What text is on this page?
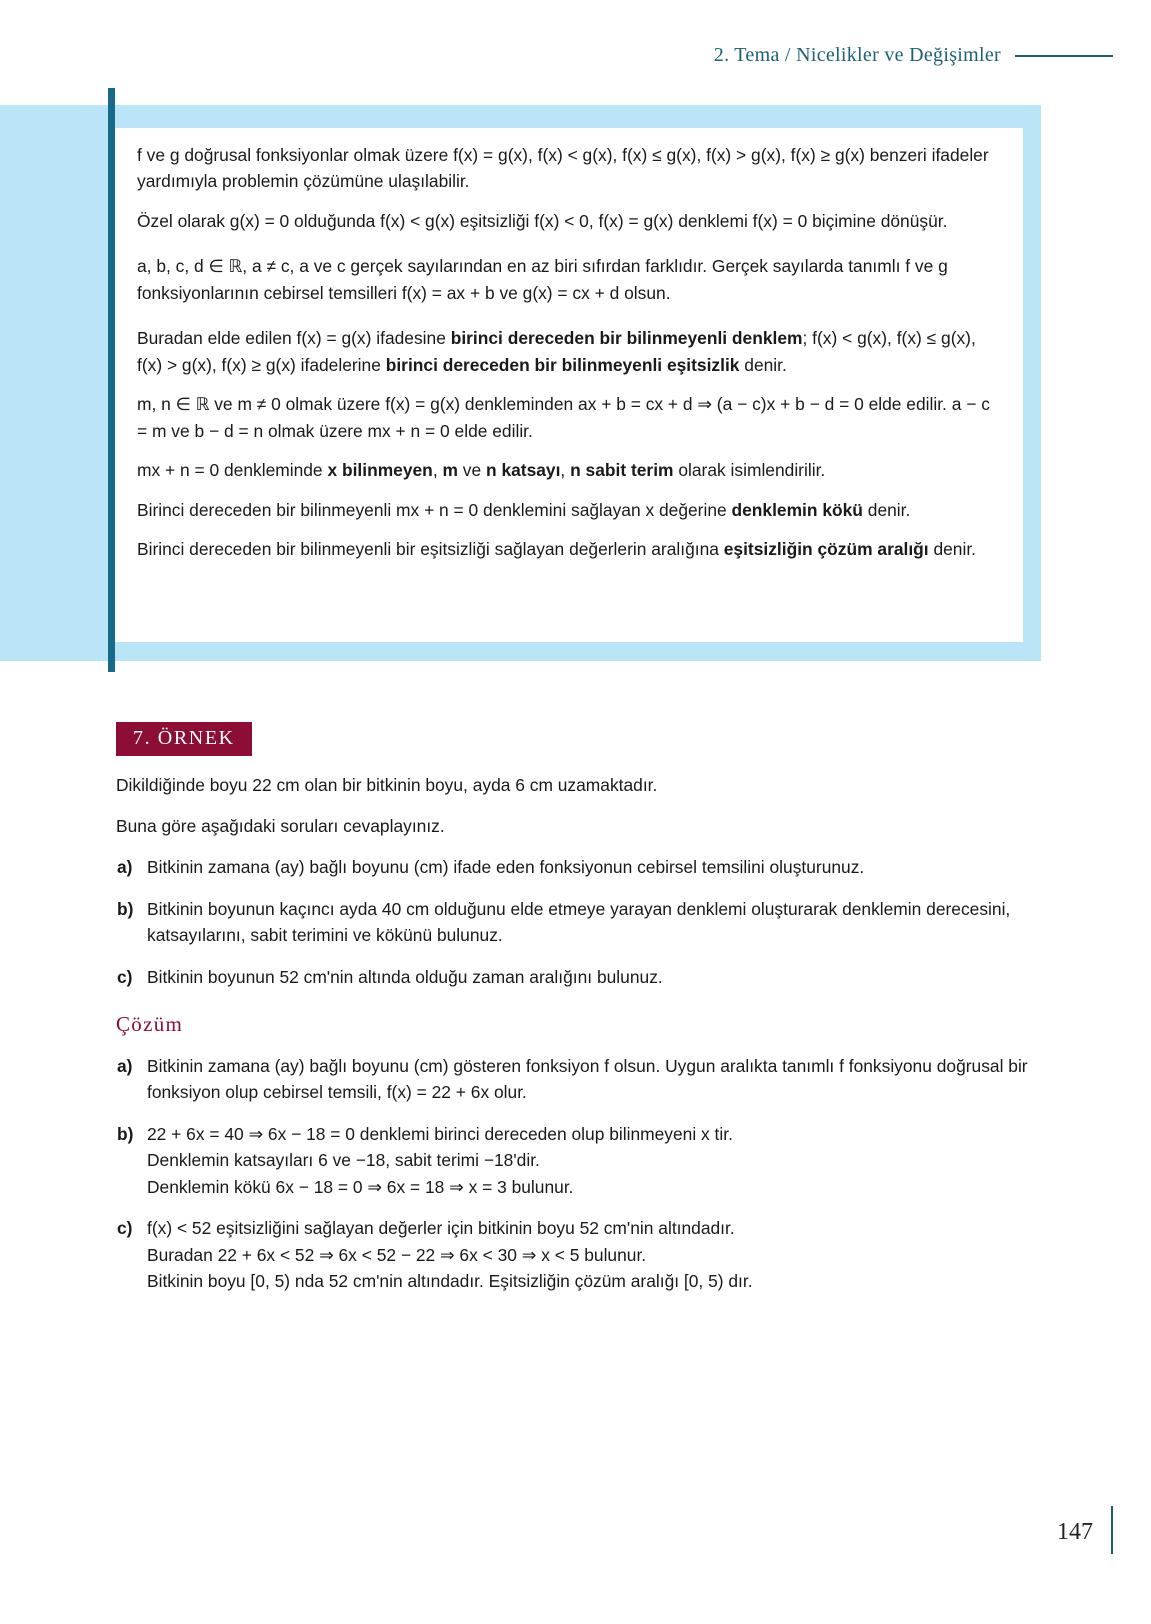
2. Tema / Nicelikler ve Değişimler

f ve g doğrusal fonksiyonlar olmak üzere f(x) = g(x), f(x) < g(x), f(x) ≤ g(x), f(x) > g(x), f(x) ≥ g(x) benzeri ifadeler yardımıyla problemin çözümüne ulaşılabilir.

Özel olarak g(x) = 0 olduğunda f(x) < g(x) eşitsizliği f(x) < 0, f(x) = g(x) denklemi f(x) = 0 biçimine dönüşür.

a, b, c, d ∈ ℝ, a ≠ c, a ve c gerçek sayılarından en az biri sıfırdan farklıdır. Gerçek sayılarda tanımlı f ve g fonksiyonlarının cebirsel temsilleri f(x) = ax + b ve g(x) = cx + d olsun.

Buradan elde edilen f(x) = g(x) ifadesine birinci dereceden bir bilinmeyenli denklem; f(x) < g(x), f(x) ≤ g(x), f(x) > g(x), f(x) ≥ g(x) ifadelerine birinci dereceden bir bilinmeyenli eşitsizlik denir.

m, n ∈ ℝ ve m ≠ 0 olmak üzere f(x) = g(x) denkleminden ax + b = cx + d ⇒ (a − c)x + b − d = 0 elde edilir. a − c = m ve b − d = n olmak üzere mx + n = 0 elde edilir.

mx + n = 0 denkleminde x bilinmeyen, m ve n katsayı, n sabit terim olarak isimlendirilir.

Birinci dereceden bir bilinmeyenli mx + n = 0 denklemini sağlayan x değerine denklemin kökü denir.

Birinci dereceden bir bilinmeyenli bir eşitsizliği sağlayan değerlerin aralığına eşitsizliğin çözüm aralığı denir.

7. ÖRNEK

Dikildiğinde boyu 22 cm olan bir bitkinin boyu, ayda 6 cm uzamaktadır.

Buna göre aşağıdaki soruları cevaplayınız.

a) Bitkinin zamana (ay) bağlı boyunu (cm) ifade eden fonksiyonun cebirsel temsilini oluşturunuz.
b) Bitkinin boyunun kaçıncı ayda 40 cm olduğunu elde etmeye yarayan denklemi oluşturarak denklemin derecesini, katsayılarını, sabit terimini ve kökünü bulunuz.
c) Bitkinin boyunun 52 cm'nin altında olduğu zaman aralığını bulunuz.
Çözüm
a) Bitkinin zamana (ay) bağlı boyunu (cm) gösteren fonksiyon f olsun. Uygun aralıkta tanımlı f fonksiyonu doğrusal bir fonksiyon olup cebirsel temsili, f(x) = 22 + 6x olur.
b) 22 + 6x = 40 ⇒ 6x − 18 = 0 denklemi birinci dereceden olup bilinmeyeni x tir.
Denklemin katsayıları 6 ve −18, sabit terimi −18'dir.
Denklemin kökü 6x − 18 = 0 ⇒ 6x = 18 ⇒ x = 3 bulunur.
c) f(x) < 52 eşitsizliğini sağlayan değerler için bitkinin boyu 52 cm'nin altındadır.
Buradan 22 + 6x < 52 ⇒ 6x < 52 − 22 ⇒ 6x < 30 ⇒ x < 5 bulunur.
Bitkinin boyu [0, 5) nda 52 cm'nin altındadır. Eşitsizliğin çözüm aralığı [0, 5) dır.
147
